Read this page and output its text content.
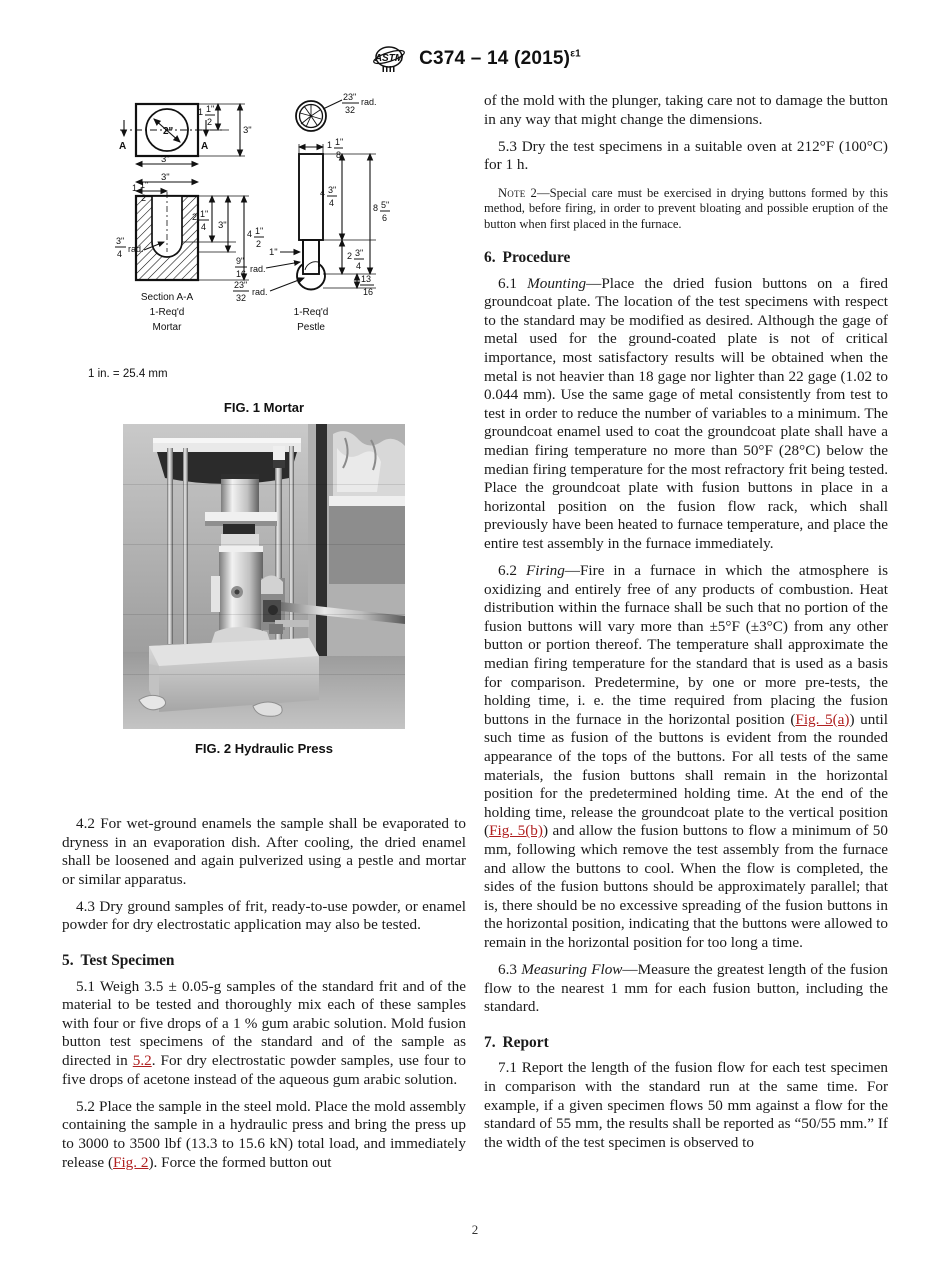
ASTM C374 – 14 $(2015)^{\varepsilon 1}$
2"
A	A
1 1"
2
3"
3"
3"
4 rad.
3"
1 1"
2
2 1"
4 3"
4 1"
2
Section A-A
1-Req'd
Mortar
23"
32
rad.
1 1"
8
4 3"
4
2 3"
4
8 5"
6
13
16
1"
9"
16 rad.
23"
32
rad.
1-Req'd
Pestle
1 in. = 25.4 mm
FIG. 1 Mortar
FIG. 2 Hydraulic Press

4.2 For wet-ground enamels the sample shall be evaporated to dryness in an evaporation dish. After cooling, the dried enamel shall be loosened and again pulverized using a pestle and mortar or similar apparatus.

4.3 Dry ground samples of frit, ready-to-use powder, or enamel powder for dry electrostatic application may also be tested.

5. Test Specimen

5.1 Weigh 3.5 ± 0.05-g samples of the standard frit and of the material to be tested and thoroughly mix each of these samples with four or five drops of a 1 % gum arabic solution. Mold fusion button test specimens of the standard and of the sample as directed in 5.2. For dry electrostatic powder samples, use four to five drops of acetone instead of the aqueous gum arabic solution.

5.2 Place the sample in the steel mold. Place the mold assembly containing the sample in a hydraulic press and bring the press up to 3000 to 3500 lbf (13.3 to 15.6 kN) total load, and immediately release (Fig. 2). Force the formed button out

of the mold with the plunger, taking care not to damage the button in any way that might change the dimensions.

5.3 Dry the test specimens in a suitable oven at 212°F (100°C) for 1 h.

Note 2—Special care must be exercised in drying buttons formed by this method, before firing, in order to prevent bloating and possible eruption of the button when first placed in the furnace.

6. Procedure

6.1 Mounting—Place the dried fusion buttons on a fired groundcoat plate. The location of the test specimens with respect to the standard may be modified as desired. Although the gage of metal used for the ground-coated plate is not of critical importance, most satisfactory results will be obtained when the metal is not heavier than 18 gage nor lighter than 22 gage (1.02 to 0.044 mm). Use the same gage of metal consistently from test to test in order to reduce the number of variables to a minimum. The groundcoat enamel used to coat the groundcoat plate shall have a median firing temperature no more than 50°F (28°C) below the median firing temperature for the most refractory frit being tested. Place the groundcoat plate with fusion buttons in place in a horizontal position on the fusion flow rack, which shall previously have been heated to furnace temperature, and place the entire test assembly in the furnace immediately.

6.2 Firing—Fire in a furnace in which the atmosphere is oxidizing and entirely free of any products of combustion. Heat distribution within the furnace shall be such that no portion of the fusion buttons will vary more than ±5°F (±3°C) from any other button or portion thereof. The temperature shall approximate the median firing temperature for the standard that is used as a basis for comparison. Predetermine, by one or more pre-tests, the holding time, i. e. the time required from placing the fusion buttons in the furnace in the horizontal position (Fig. 5(a)) until such time as fusion of the buttons is evident from the rounded appearance of the tops of the buttons. For all tests of the same materials, the fusion buttons shall remain in the horizontal position for the predetermined holding time. At the end of the holding time, release the groundcoat plate to the vertical position (Fig. 5(b)) and allow the fusion buttons to flow a minimum of 50 mm, following which remove the test assembly from the furnace and allow the buttons to cool. When the flow is completed, the sides of the fusion buttons should be approximately parallel; that is, there should be no excessive spreading of the fusion buttons in the horizontal position, indicating that the buttons were allowed to remain in the horizontal position for too long a time.

6.3 Measuring Flow—Measure the greatest length of the fusion flow to the nearest 1 mm for each fusion button, including the standard.

7. Report

7.1 Report the length of the fusion flow for each test specimen in comparison with the standard run at the same time. For example, if a given specimen flows 50 mm against a flow for the standard of 55 mm, the results shall be reported as “50/55 mm.” If the width of the test specimen is observed to

2
